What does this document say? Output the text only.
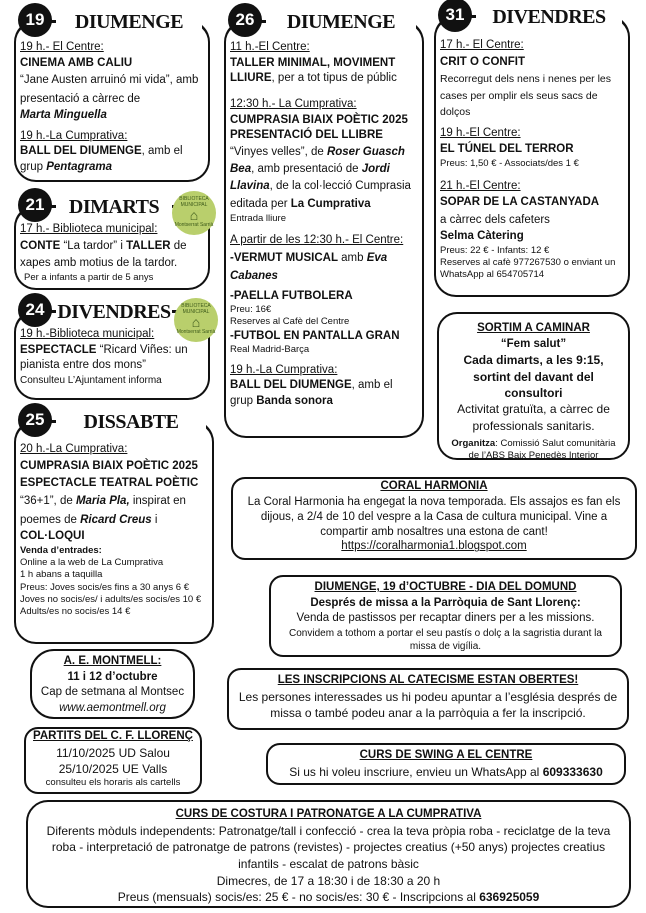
19	DIUMENGE
19 h.- El Centre:
CINEMA AMB CALIU
“Jane Austen arruinó mi vida”, amb presentació a càrrec de
Marta Minguella
19 h.-La Cumprativa:
BALL DEL DIUMENGE, amb el grup Pentagrama
21	DIMARTS
17 h.- Biblioteca municipal:
CONTE “La tardor” i TALLER de xapes amb motius de la tardor.
Per a infants a partir de 5 anys
BIBLIOTECA MUNICIPAL
⌂
Montserrat Sarrià
24 DIVENDRES
19 h.-Biblioteca municipal:
ESPECTACLE “Ricard Viñes: un pianista entre dos mons”
Consulteu L’Ajuntament informa
BIBLIOTECA MUNICIPAL
⌂
Montserrat Sarrià
25	DISSABTE
20 h.-La Cumprativa:
CUMPRASIA BIAIX POÈTIC 2025
ESPECTACLE TEATRAL POÈTIC
“36+1”, de Maria Pla, inspirat en poemes de Ricard Creus i
COL·LOQUI
Venda d’entrades:
Online a la web de La Cumprativa
1 h abans a taquilla
Preus: Joves socis/es fins a 30 anys 6 €
Joves no socis/es/ i adults/es socis/es 10 €
Adults/es no socis/es 14 €
26	DIUMENGE
11 h.-El Centre:
TALLER MINIMAL, MOVIMENT LLIURE, per a tot tipus de públic
12:30 h.- La Cumprativa:
CUMPRASIA BIAIX POÈTIC 2025
PRESENTACIÓ DEL LLIBRE
“Vinyes velles”, de Roser Guasch Bea, amb presentació de Jordi Llavina, de la col·lecció Cumprasia editada per La Cumprativa
Entrada lliure
A partir de les 12:30 h.- El Centre:
-VERMUT MUSICAL amb Eva Cabanes
-PAELLA FUTBOLERA
Preu: 16€
Reserves al Cafè del Centre
-FUTBOL EN PANTALLA GRAN
Real Madrid-Barça
19 h.-La Cumprativa:
BALL DEL DIUMENGE, amb el grup Banda sonora
31	DIVENDRES
17 h.- El Centre:
CRIT O CONFIT
Recorregut dels nens i nenes per les cases per omplir els seus sacs de dolços
19 h.-El Centre:
EL TÚNEL DEL TERROR
Preus: 1,50 € - Associats/des 1 €
21 h.-El Centre:
SOPAR DE LA CASTANYADA
a càrrec dels cafeters
Selma Càtering
Preus: 22 € - Infants: 12 €
Reserves al cafè 977267530 o enviant un WhatsApp al 654705714
SORTIM A CAMINAR
“Fem salut”
Cada dimarts, a les 9:15, sortint del davant del consultori
Activitat gratuïta, a càrrec de professionals sanitaris.
Organitza: Comissió Salut comunitària de l’ABS Baix Penedès Interior
CORAL HARMONIA
La Coral Harmonia ha engegat la nova temporada. Els assajos es fan els dijous, a 2/4 de 10 del vespre a la Casa de cultura municipal. Vine a compartir amb nosaltres una estona de cant!
https://coralharmonia1.blogspot.com
DIUMENGE, 19 d’OCTUBRE - DIA DEL DOMUND
Després de missa a la Parròquia de Sant Llorenç:
Venda de pastissos per recaptar diners per a les missions.
Convidem a tothom a portar el seu pastís o dolç a la sagristia durant la missa de vigília.
A. E. MONTMELL:
11 i 12 d’octubre
Cap de setmana al Montsec
www.aemontmell.org
LES INSCRIPCIONS AL CATECISME ESTAN OBERTES!
Les persones interessades us hi podeu apuntar a l’església després de missa o també podeu anar a la parròquia a fer la inscripció.
PARTITS DEL C. F. LLORENÇ
11/10/2025 UD Salou
25/10/2025 UE Valls
consulteu els horaris als cartells
CURS DE SWING A EL CENTRE
Si us hi voleu inscriure, envieu un WhatsApp al 609333630
CURS DE COSTURA I PATRONATGE A LA CUMPRATIVA
Diferents mòduls independents: Patronatge/tall i confecció - crea la teva pròpia roba - reciclatge de la teva roba - interpretació de patronatge de patrons (revistes) - projectes creatius (+50 anys) projectes creatius infantils - escalat de patrons bàsic
Dimecres, de 17 a 18:30 i de 18:30 a 20 h
Preus (mensuals) socis/es: 25 € - no socis/es: 30 € - Inscripcions al 636925059
